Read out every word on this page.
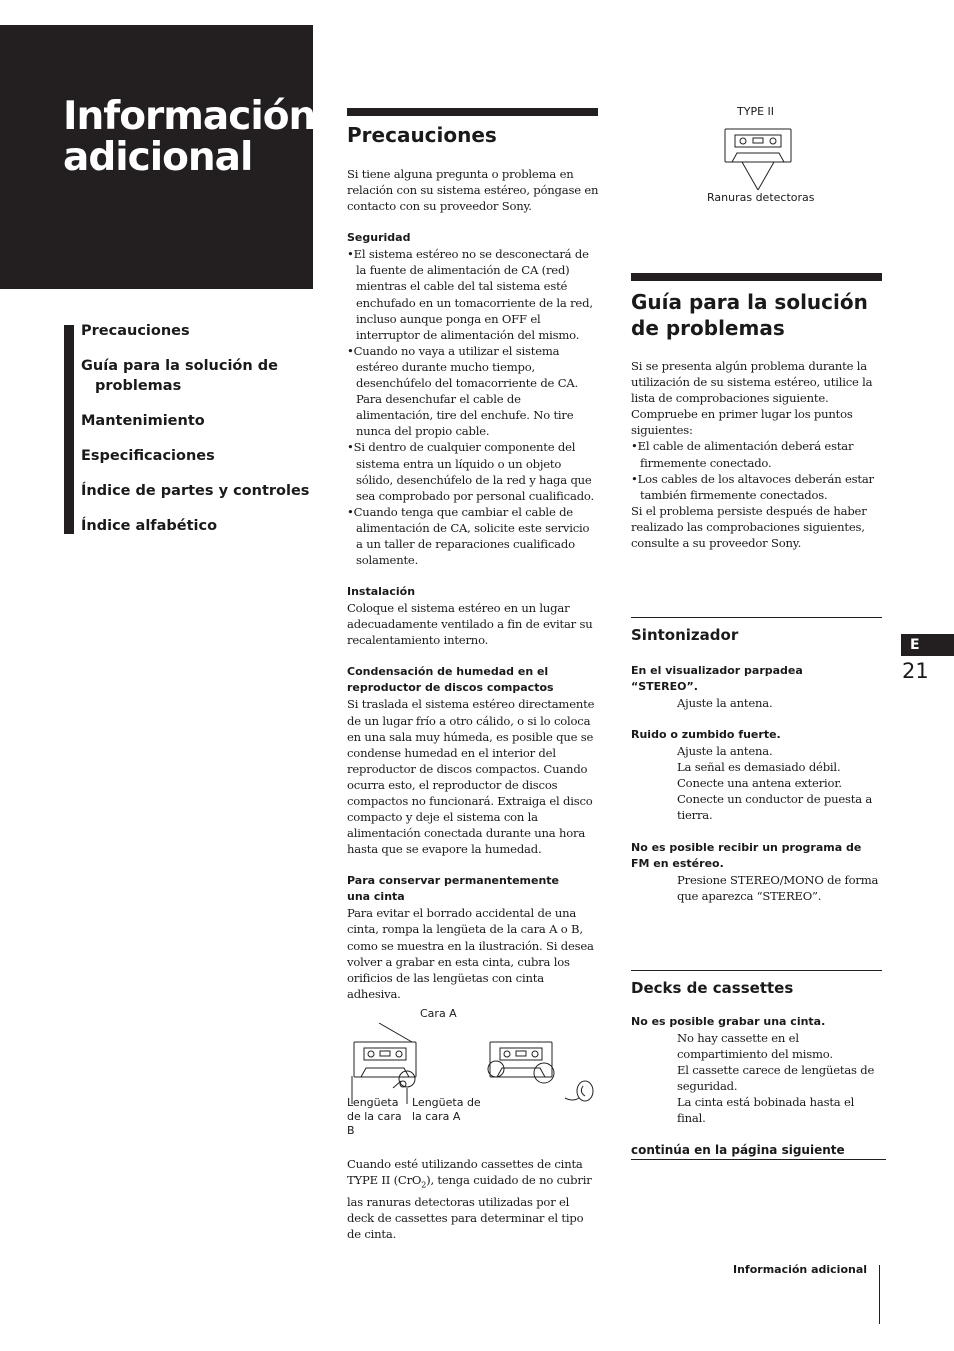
Información
adicional
Precauciones
Guía para la solución de
problemas
Mantenimiento
Especificaciones
Índice de partes y controles
Índice alfabético
Precauciones

Si tiene alguna pregunta o problema en relación con su sistema estéreo, póngase en contacto con su proveedor Sony.

Seguridad

•El sistema estéreo no se desconectará de la fuente de alimentación de CA (red) mientras el cable del tal sistema esté enchufado en un tomacorriente de la red, incluso aunque ponga en OFF el interruptor de alimentación del mismo.

•Cuando no vaya a utilizar el sistema estéreo durante mucho tiempo, desenchúfelo del tomacorriente de CA. Para desenchufar el cable de alimentación, tire del enchufe. No tire nunca del propio cable.

•Si dentro de cualquier componente del sistema entra un líquido o un objeto sólido, desenchúfelo de la red y haga que sea comprobado por personal cualificado.

•Cuando tenga que cambiar el cable de alimentación de CA, solicite este servicio a un taller de reparaciones cualificado solamente.

Instalación

Coloque el sistema estéreo en un lugar adecuadamente ventilado a fin de evitar su recalentamiento interno.

Condensación de humedad en el
reproductor de discos compactos

Si traslada el sistema estéreo directamente de un lugar frío a otro cálido, o si lo coloca en una sala muy húmeda, es posible que se condense humedad en el interior del reproductor de discos compactos. Cuando ocurra esto, el reproductor de discos compactos no funcionará. Extraiga el disco compacto y deje el sistema con la alimentación conectada durante una hora hasta que se evapore la humedad.

Para conservar permanentemente
una cinta

Para evitar el borrado accidental de una cinta, rompa la lengüeta de la cara A o B, como se muestra en la ilustración. Si desea volver a grabar en esta cinta, cubra los orificios de las lengüetas con cinta adhesiva.

Cara A
Lengüeta de la cara B
Lengüeta de la cara A

Cuando esté utilizando cassettes de cinta TYPE II (CrO$_2$), tenga cuidado de no cubrir las ranuras detectoras utilizadas por el deck de cassettes para determinar el tipo de cinta.

TYPE II
Ranuras detectoras
Guía para la solución
de problemas

Si se presenta algún problema durante la utilización de su sistema estéreo, utilice la lista de comprobaciones siguiente. Compruebe en primer lugar los puntos siguientes:

•El cable de alimentación deberá estar firmemente conectado.

•Los cables de los altavoces deberán estar también firmemente conectados.

Si el problema persiste después de haber realizado las comprobaciones siguientes, consulte a su proveedor Sony.

Sintonizador

En el visualizador parpadea
“STEREO”.

Ajuste la antena.

Ruido o zumbido fuerte.

Ajuste la antena.

La señal es demasiado débil.

Conecte una antena exterior.

Conecte un conductor de puesta a tierra.

No es posible recibir un programa de FM en estéreo.

Presione STEREO/MONO de forma que aparezca “STEREO”.

Decks de cassettes

No es posible grabar una cinta.

No hay cassette en el compartimiento del mismo.

El cassette carece de lengüetas de seguridad.

La cinta está bobinada hasta el final.

continúa en la página siguiente
E
21
Información adicional
